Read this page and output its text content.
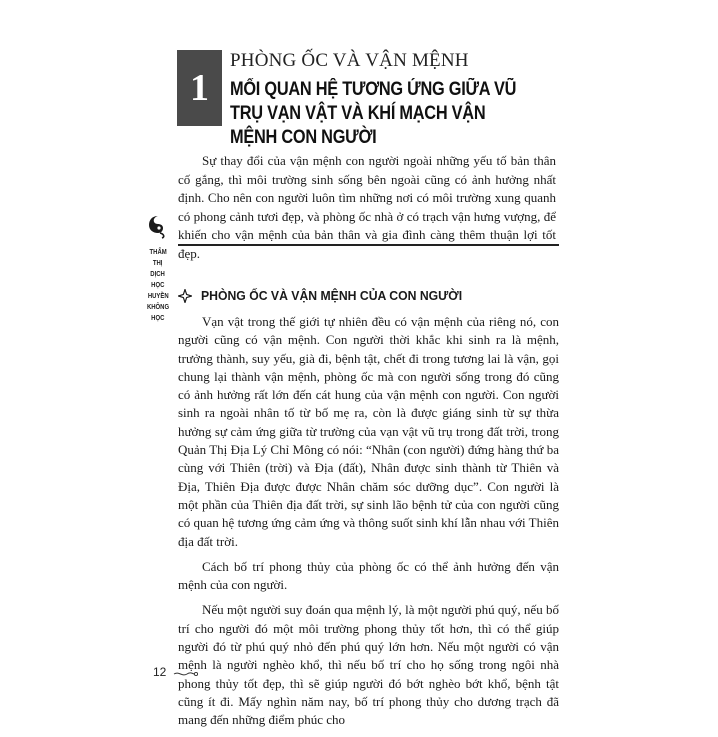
1
PHÒNG ỐC VÀ VẬN MỆNH
MỐI QUAN HỆ TƯƠNG ỨNG GIỮA VŨ TRỤ VẠN VẬT VÀ KHÍ MẠCH VẬN MỆNH CON NGƯỜI

Sự thay đổi của vận mệnh con người ngoài những yếu tố bản thân cố gắng, thì môi trường sinh sống bên ngoài cũng có ảnh hưởng nhất định. Cho nên con người luôn tìm những nơi có môi trường xung quanh có phong cảnh tươi đẹp, và phòng ốc nhà ở có trạch vận hưng vượng, để khiến cho vận mệnh của bản thân và gia đình càng thêm thuận lợi tốt đẹp.

THẨM
THỊ
DỊCH
HỌC
HUYỀN
KHÔNG
HỌC
PHÒNG ỐC VÀ VẬN MỆNH CỦA CON NGƯỜI

Vạn vật trong thế giới tự nhiên đều có vận mệnh của riêng nó, con người cũng có vận mệnh. Con người thời khắc khi sinh ra là mệnh, trưởng thành, suy yếu, già đi, bệnh tật, chết đi trong tương lai là vận, gọi chung lại thành vận mệnh, phòng ốc mà con người sống trong đó cũng có ảnh hưởng rất lớn đến cát hung của vận mệnh con người. Con người sinh ra ngoài nhân tố từ bố mẹ ra, còn là được giáng sinh từ sự thừa hưởng sự cảm ứng giữa từ trường của vạn vật vũ trụ trong đất trời, trong Quản Thị Địa Lý Chỉ Mông có nói: “Nhân (con người) đứng hàng thứ ba cùng với Thiên (trời) và Địa (đất), Nhân được sinh thành từ Thiên và Địa, Thiên Địa được được Nhân chăm sóc dưỡng dục”. Con người là một phần của Thiên địa đất trời, sự sinh lão bệnh tử của con người cũng có quan hệ tương ứng cảm ứng và thông suốt sinh khí lẫn nhau với Thiên địa đất trời.

Cách bố trí phong thủy của phòng ốc có thể ảnh hưởng đến vận mệnh của con người.

Nếu một người suy đoán qua mệnh lý, là một người phú quý, nếu bố trí cho người đó một môi trường phong thủy tốt hơn, thì có thể giúp người đó từ phú quý nhỏ đến phú quý lớn hơn. Nếu một người có vận mệnh là người nghèo khổ, thì nếu bố trí cho họ sống trong ngôi nhà phong thủy tốt đẹp, thì sẽ giúp người đó bớt nghèo bớt khổ, bệnh tật cũng ít đi. Mấy nghìn năm nay, bố trí phong thủy cho dương trạch đã mang đến những điểm phúc cho

12
